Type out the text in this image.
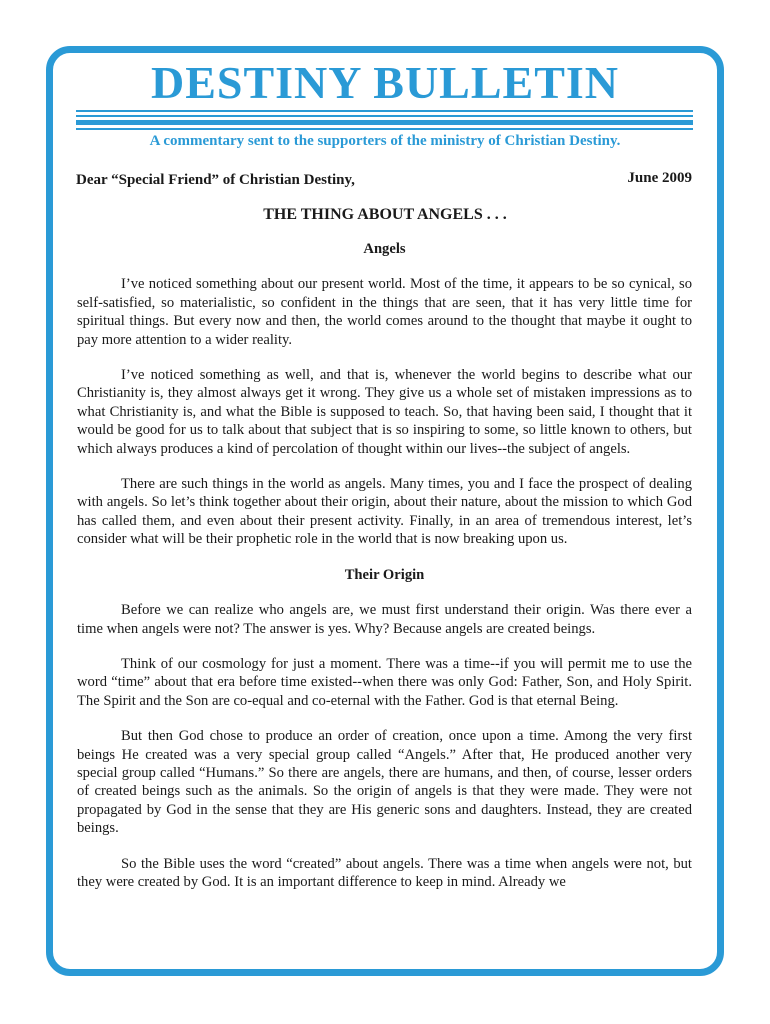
DESTINY BULLETIN
A commentary sent to the supporters of the ministry of Christian Destiny.
Dear “Special Friend” of Christian Destiny,	June 2009
THE THING ABOUT ANGELS . . .
Angels

I’ve noticed something about our present world. Most of the time, it appears to be so cynical, so self-satisfied, so materialistic, so confident in the things that are seen, that it has very little time for spiritual things. But every now and then, the world comes around to the thought that maybe it ought to pay more attention to a wider reality.

I’ve noticed something as well, and that is, whenever the world begins to describe what our Christianity is, they almost always get it wrong. They give us a whole set of mistaken impressions as to what Christianity is, and what the Bible is supposed to teach. So, that having been said, I thought that it would be good for us to talk about that subject that is so inspiring to some, so little known to others, but which always produces a kind of percolation of thought within our lives--the subject of angels.

There are such things in the world as angels. Many times, you and I face the prospect of dealing with angels. So let’s think together about their origin, about their nature, about the mission to which God has called them, and even about their present activity. Finally, in an area of tremendous interest, let’s consider what will be their prophetic role in the world that is now breaking upon us.

Their Origin

Before we can realize who angels are, we must first understand their origin. Was there ever a time when angels were not? The answer is yes. Why? Because angels are created beings.

Think of our cosmology for just a moment. There was a time--if you will permit me to use the word “time” about that era before time existed--when there was only God: Father, Son, and Holy Spirit. The Spirit and the Son are co-equal and co-eternal with the Father. God is that eternal Being.

But then God chose to produce an order of creation, once upon a time. Among the very first beings He created was a very special group called “Angels.” After that, He produced another very special group called “Humans.” So there are angels, there are humans, and then, of course, lesser orders of created beings such as the animals. So the origin of angels is that they were made. They were not propagated by God in the sense that they are His generic sons and daughters. Instead, they are created beings.

So the Bible uses the word “created” about angels. There was a time when angels were not, but they were created by God. It is an important difference to keep in mind. Already we
